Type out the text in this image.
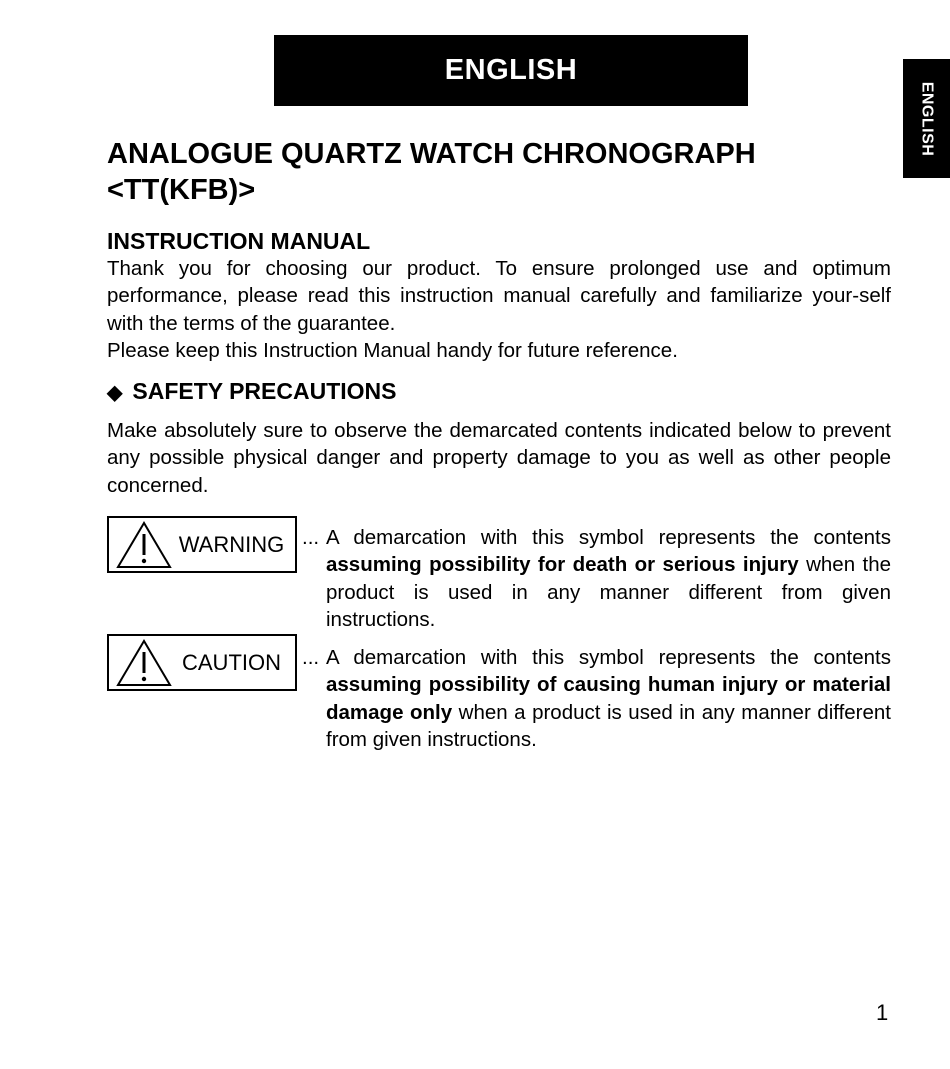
ENGLISH
ENGLISH
ANALOGUE QUARTZ WATCH CHRONOGRAPH
<TT(KFB)>
INSTRUCTION MANUAL

Thank you for choosing our product. To ensure prolonged use and optimum performance, please read this instruction manual carefully and familiarize your-self with the terms of the guarantee.

Please keep this Instruction Manual handy for future reference.

◆ SAFETY PRECAUTIONS

Make absolutely sure to observe the demarcated contents indicated below to prevent any possible physical danger and property damage to you as well as other people concerned.

WARNING ... A demarcation with this symbol represents the contents assuming possibility for death or serious injury when the product is used in any manner different from given instructions.

CAUTION	... A demarcation with this symbol represents the contents assuming possibility of causing human injury or material damage only when a product is used in any manner different from given instructions.

1
